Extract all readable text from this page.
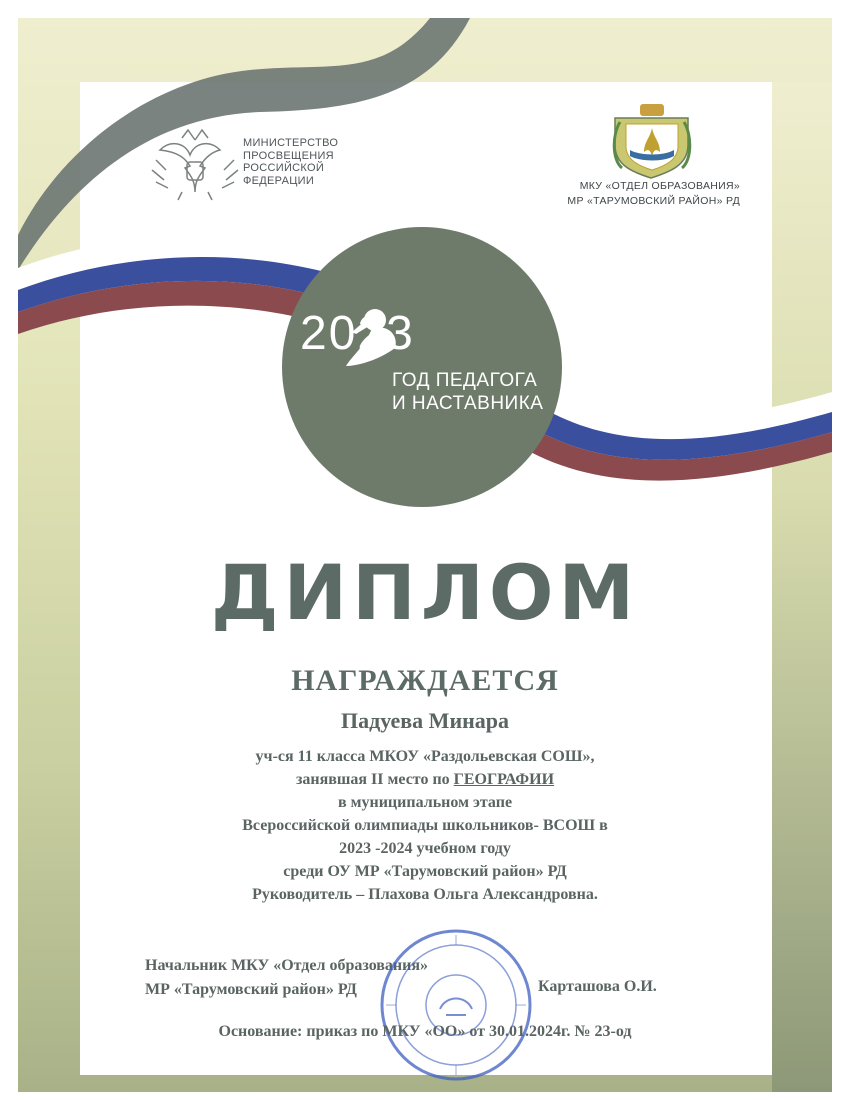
МИНИСТЕРСТВО
ПРОСВЕЩЕНИЯ
РОССИЙСКОЙ
ФЕДЕРАЦИИ	МКУ «ОТДЕЛ ОБРАЗОВАНИЯ»
МР «ТАРУМОВСКИЙ РАЙОН» РД
2023
ГОД ПЕДАГОГА
И НАСТАВНИКА
ДИПЛОМ
НАГРАЖДАЕТСЯ
Падуева Минара
уч-ся 11 класса МКОУ «Раздольевская СОШ»,
занявшая II место по ГЕОГРАФИИ
в муниципальном этапе
Всероссийской олимпиады школьников- ВСОШ в
2023 -2024 учебном году
среди ОУ МР «Тарумовский район» РД
Руководитель – Плахова Ольга Александровна.
Начальник МКУ «Отдел образования»
МР «Тарумовский район» РД	Карташова О.И.
Основание: приказ по МКУ «ОО» от 30.01.2024г. № 23-од
